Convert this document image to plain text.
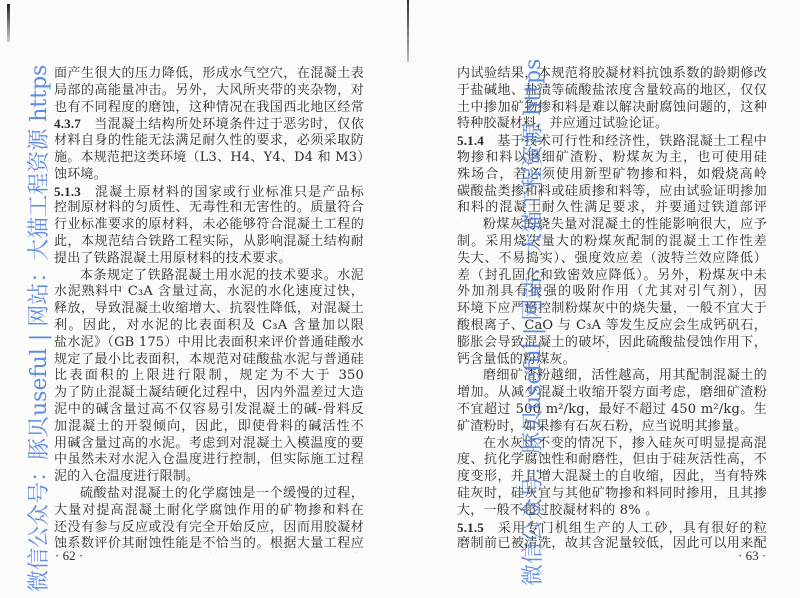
面产生很大的压力降低，形成水气空穴，在混凝土表
局部的高能量冲击。另外，大风所夹带的夹杂物，对
也有不同程度的磨蚀，这种情况在我国西北地区经常
4.3.7 当混凝土结构所处环境条件过于恶劣时，仅依
材料自身的性能无法满足耐久性的要求，必须采取防
施。本规范把这类环境（L3、H4、Y4、D4 和 M3）
蚀环境。
5.1.3 混凝土原材料的国家或行业标准只是产品标
控制原材料的匀质性、无毒性和无害性的。质量符合
行业标准要求的原材料，未必能够符合混凝土工程的
此，本规范结合铁路工程实际，从影响混凝土结构耐
提出了铁路混凝土用原材料的技术要求。
本条规定了铁路混凝土用水泥的技术要求。水泥
水泥熟料中 C₃A 含量过高，水泥的水化速度过快，
释放，导致混凝土收缩增大、抗裂性降低，对混凝土
利。因此，对水泥的比表面积及 C₃A 含量加以限
盐水泥》（GB 175）中用比表面积来评价普通硅酸水
规定了最小比表面积，本规范对硅酸盐水泥与普通硅
比表面积的上限进行限制，规定为不大于 350
为了防止混凝土凝结硬化过程中，因内外温差过大造
泥中的碱含量过高不仅容易引发混凝土的碱-骨料反
加混凝土的开裂倾向，因此，即使骨料的碱活性不
用碱含量过高的水泥。考虑到对混凝土入模温度的要
中虽然未对水泥入仓温度进行控制，但实际施工过程
泥的入仓温度进行限制。
硫酸盐对混凝土的化学腐蚀是一个缓慢的过程，
大量对提高混凝土耐化学腐蚀作用的矿物掺和料在
还没有参与反应或没有完全开始反应，因而用胶凝材
蚀系数评价其耐蚀性能是不恰当的。根据大量工程应
· 62 ·
内试验结果，本规范将胶凝材料抗蚀系数的龄期修改
于盐碱地、盐渍等硫酸盐浓度含量较高的地区，仅仅
土中掺加矿物掺和料是难以解决耐腐蚀问题的，这种
特种胶凝材料，并应通过试验论证。
5.1.4 基于技术可行性和经济性，铁路混凝土工程中
物掺和料以磨细矿渣粉、粉煤灰为主，也可使用硅
殊场合，若必须使用新型矿物掺和料，如煅烧高岭
碳酸盐类掺和料或硅质掺和料等，应由试验证明掺加
和料的混凝土耐久性满足要求，并要通过铁道部评
粉煤灰的烧失量对混凝土的性能影响很大，应予
制。采用烧失量大的粉煤灰配制的混凝土工作性差
失大、不易捣实）、强度效应差（波特兰效应降低）
差（封孔固化和致密效应降低）。另外，粉煤灰中未
外加剂具有很强的吸附作用（尤其对引气剂），因
环境下应严格控制粉煤灰中的烧失量，一般不宜大于
酸根离子、CaO 与 C₃A 等发生反应会生成钙矾石，
膨胀会导致混凝土的破坏，因此硫酸盐侵蚀作用下，
钙含量低的粉煤灰。
磨细矿渣粉越细，活性越高，用其配制混凝土的
增加。从减少混凝土收缩开裂方面考虑，磨细矿渣粉
不宜超过 500 m²/kg，最好不超过 450 m²/kg。生
矿渣粉时，如果掺有石灰石粉，应当说明其掺量。
在水灰比不变的情况下，掺入硅灰可明显提高混
度、抗化学腐蚀性和耐磨性，但由于硅灰活性高，不
度变形，并且增大混凝土的自收缩，因此，当有特殊
硅灰时，硅灰宜与其他矿物掺和料同时掺用，且其掺
大，一般不超过胶凝材料的 8% 。
5.1.5 采用专门机组生产的人工砂，具有很好的粒
磨制前已被清洗，故其含泥量较低，因此可以用来配
· 63 ·
微信公众号：豚贝useful | 网站：大猫工程资源 https	微信公众号：豚贝useful | 网站：大猫工程资源 https
